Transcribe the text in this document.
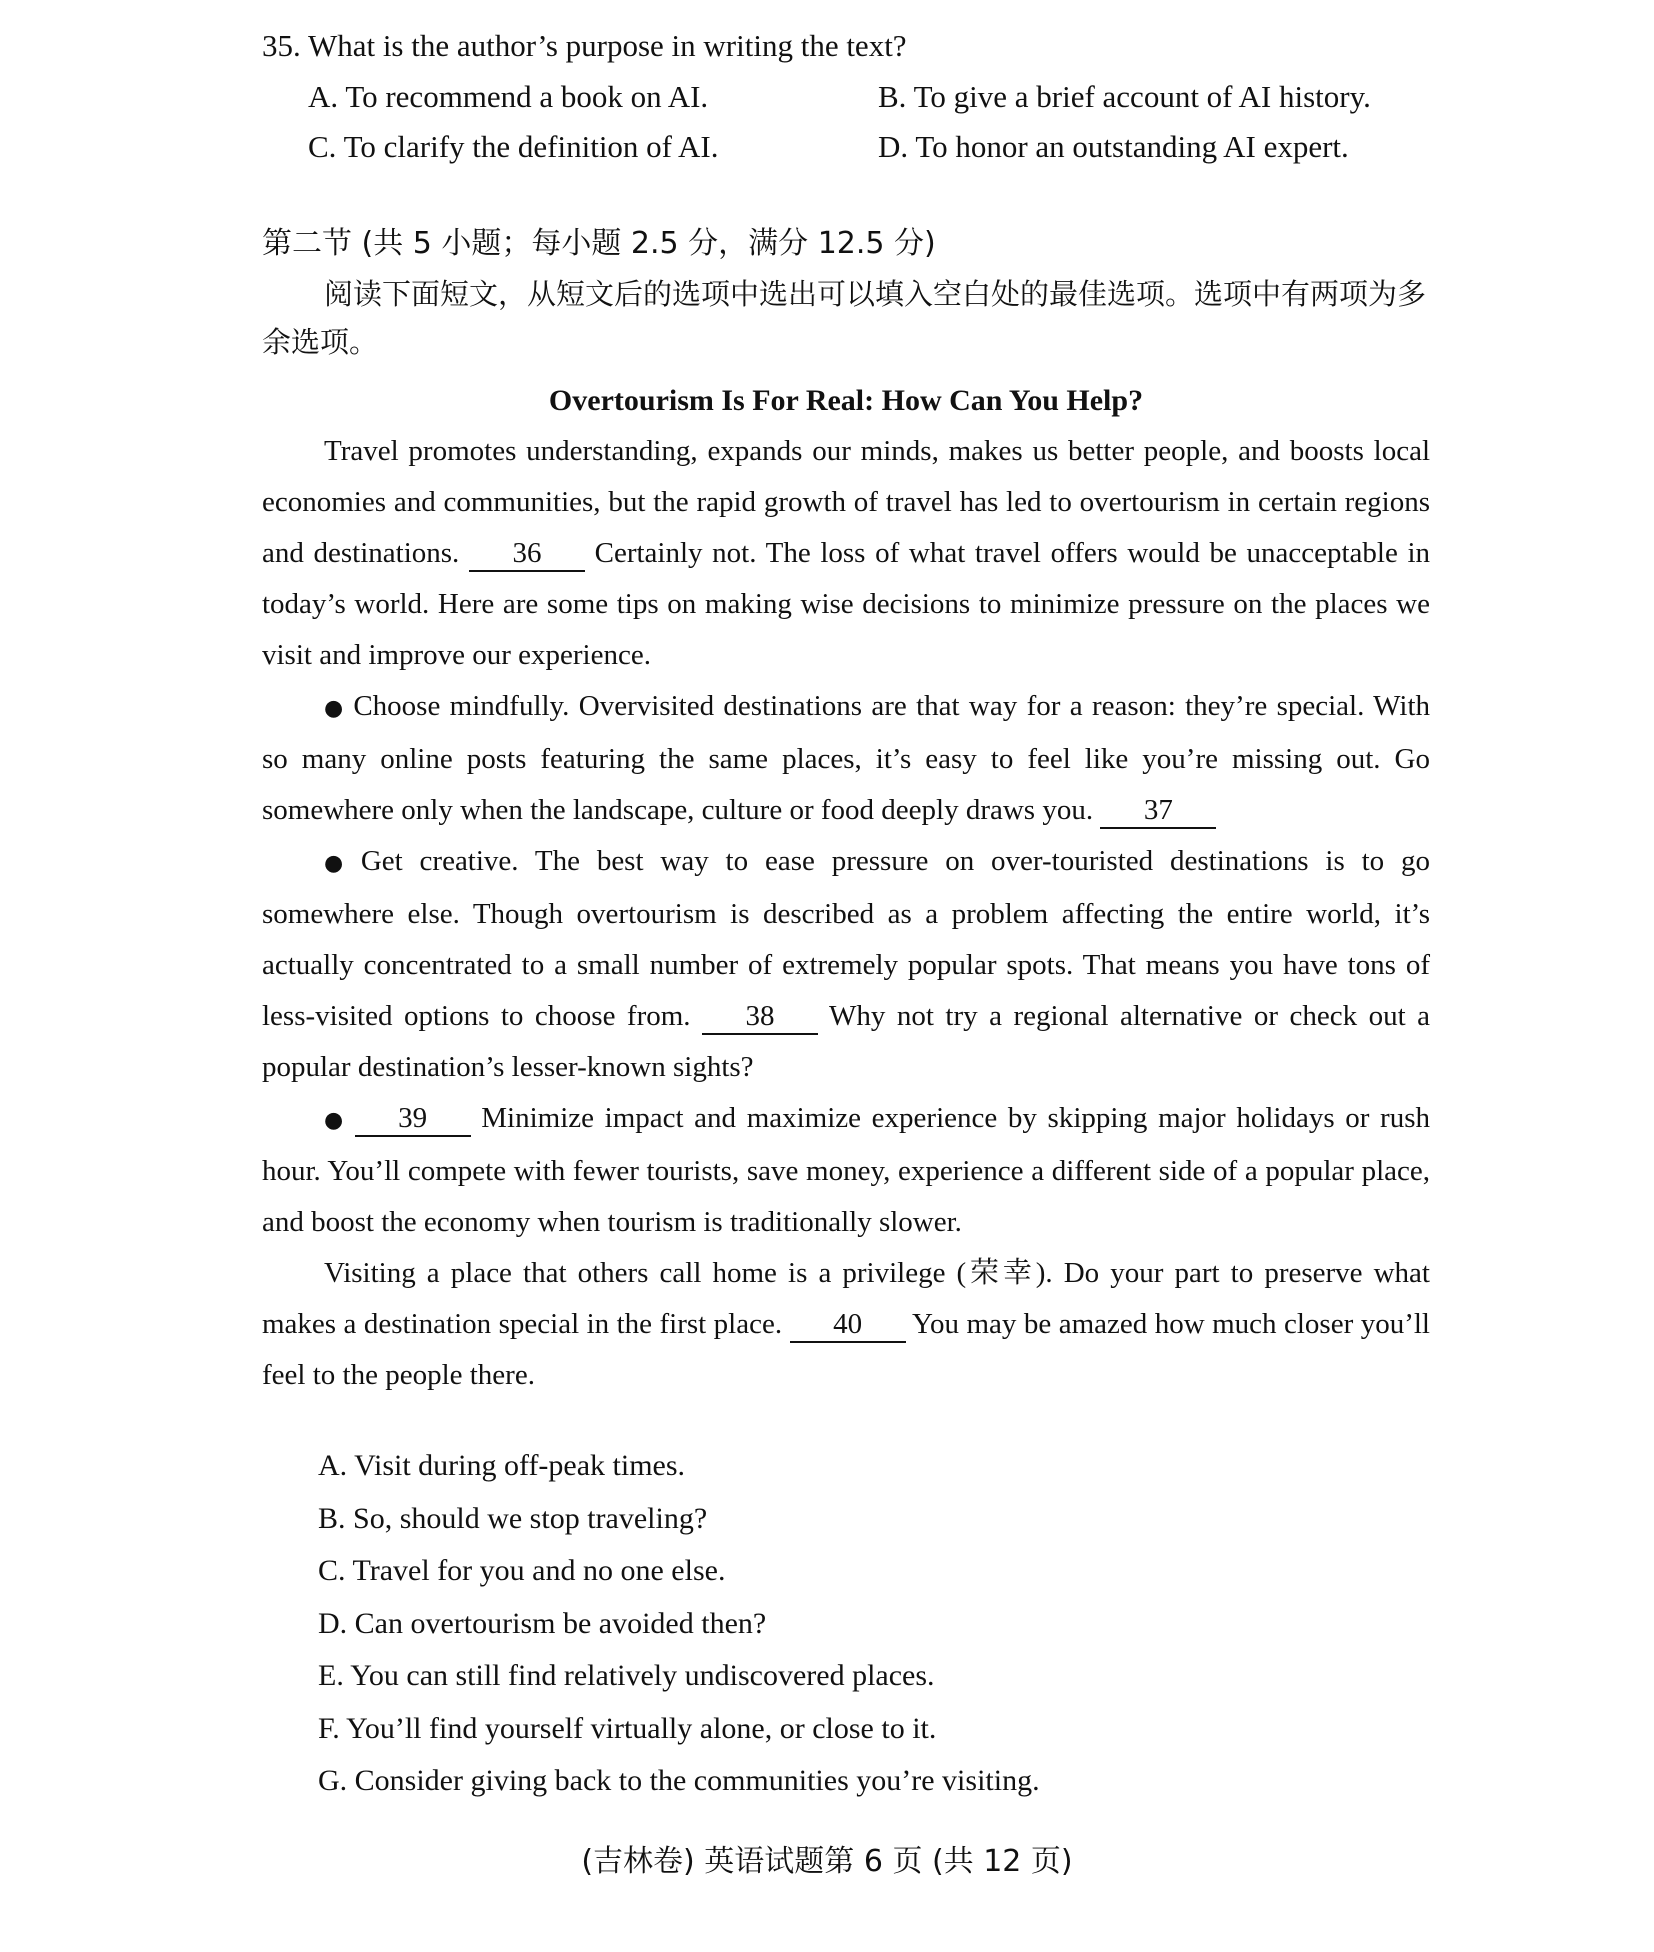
35. What is the author’s purpose in writing the text?
A. To recommend a book on AI.	B. To give a brief account of AI history.
C. To clarify the definition of AI.	D. To honor an outstanding AI expert.
第二节 (共 5 小题；每小题 2.5 分，满分 12.5 分)
阅读下面短文，从短文后的选项中选出可以填入空白处的最佳选项。选项中有两项为多余选项。
Overtourism Is For Real: How Can You Help?

Travel promotes understanding, expands our minds, makes us better people, and boosts local economies and communities, but the rapid growth of travel has led to overtourism in certain regions and destinations. 36 Certainly not. The loss of what travel offers would be unacceptable in today’s world. Here are some tips on making wise decisions to minimize pressure on the places we visit and improve our experience.

● Choose mindfully. Overvisited destinations are that way for a reason: they’re special. With so many online posts featuring the same places, it’s easy to feel like you’re missing out. Go somewhere only when the landscape, culture or food deeply draws you. 37

● Get creative. The best way to ease pressure on over-touristed destinations is to go somewhere else. Though overtourism is described as a problem affecting the entire world, it’s actually concentrated to a small number of extremely popular spots. That means you have tons of less-visited options to choose from. 38 Why not try a regional alternative or check out a popular destination’s lesser-known sights?

● 39 Minimize impact and maximize experience by skipping major holidays or rush hour. You’ll compete with fewer tourists, save money, experience a different side of a popular place, and boost the economy when tourism is traditionally slower.

Visiting a place that others call home is a privilege (荣幸). Do your part to preserve what makes a destination special in the first place. 40 You may be amazed how much closer you’ll feel to the people there.

A. Visit during off-peak times.
B. So, should we stop traveling?
C. Travel for you and no one else.
D. Can overtourism be avoided then?
E. You can still find relatively undiscovered places.
F. You’ll find yourself virtually alone, or close to it.
G. Consider giving back to the communities you’re visiting.
(吉林卷) 英语试题第 6 页 (共 12 页)
